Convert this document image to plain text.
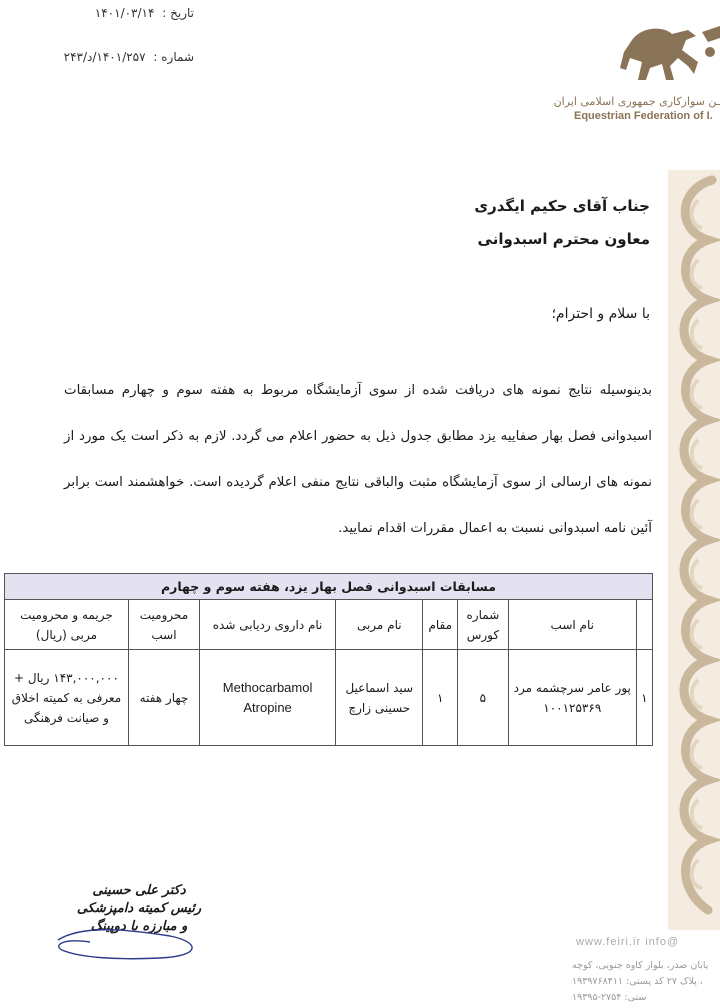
تاریخ : ۱۴۰۱/۰۳/۱۴
شماره : ۱۴۰۱/۲۵۷/د/۲۴۳
ـن سوارکاری جمهوری اسلامی ایران
Equestrian Federation of I.
جناب آقای حکیم ایگدری
معاون محترم اسبدوانی
با سلام و احترام؛
بدینوسیله نتایج نمونه های دریافت شده از سوی آزمایشگاه مربوط به هفته سوم و چهارم مسابقات اسبدوانی فصل بهار صفاییه یزد مطابق جدول ذیل به حضور اعلام می گردد. لازم به ذکر است یک مورد از نمونه های ارسالی از سوی آزمایشگاه مثبت والباقی نتایج منفی اعلام گردیده است. خواهشمند است برابر آئین نامه اسبدوانی نسبت به اعمال مقررات اقدام نمایید.
مسابقات اسبدوانی فصل بهار یزد، هفته سوم و چهارم							
	نام اسب	شماره کورس	مقام	نام مربی	نام داروی ردیابی شده	محرومیت اسب	جریمه و محرومیت مربی (ریال)
۱	پور عامر سرچشمه مرد ۱۰۰۱۲۵۳۶۹	۵	۱	سید اسماعیل حسینی زارچ	Methocarbamol
Atropine	چهار هفته	۱۴۳,۰۰۰,۰۰۰ ریال + معرفی به کمیته اخلاق و صیانت فرهنگی
دکتر علی حسینی
رئیس کمیته دامپزشکی
و مبارزه با دوپینگ
www.feiri.ir info@
یابان صدر، بلوار کاوه جنوبی، کوچه
، پلاک ۲۷ کد پستی: ۱۹۳۹۷۶۸۴۱۱
ستی: ۲۷۵۴-۱۹۳۹۵
